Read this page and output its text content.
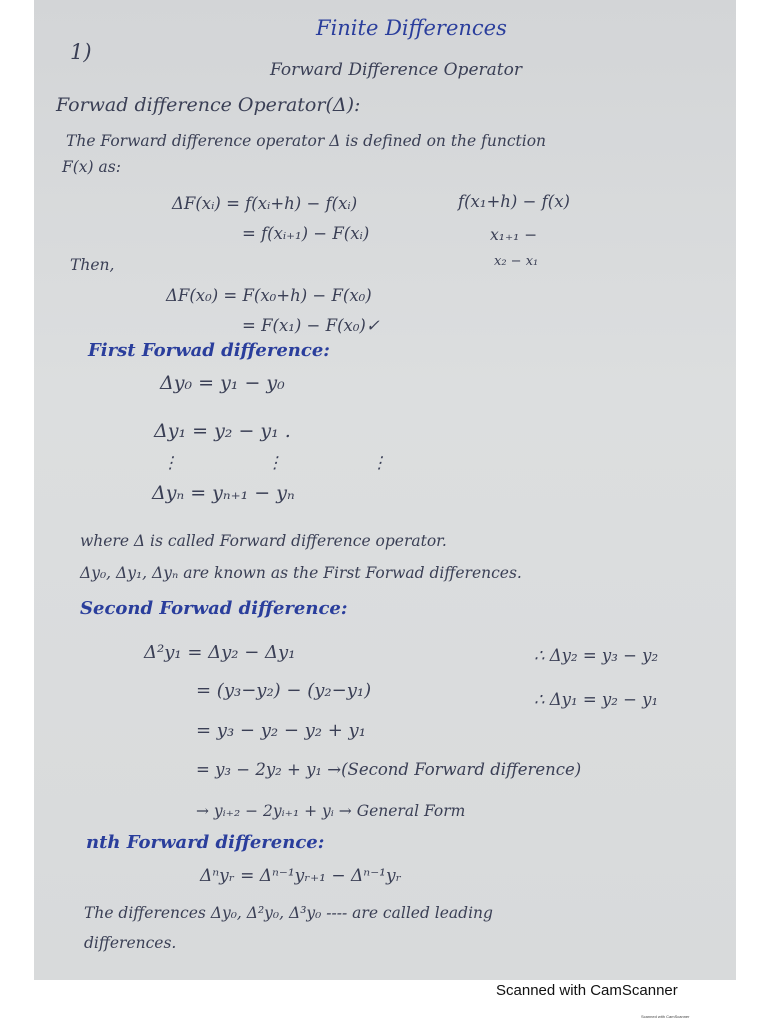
1)
Finite Differences
Forward Difference Operator
Forwad difference Operator(Δ):
The Forward difference operator Δ is defined on the function
F(x) as:
ΔF(xᵢ) = f(xᵢ+h) − f(xᵢ)
= f(xᵢ₊₁) − F(xᵢ)
f(x₁+h) − f(x)
x₁₊₁ −
x₂ − x₁
Then,
ΔF(x₀) = F(x₀+h) − F(x₀)
= F(x₁) − F(x₀)✓
First Forwad difference:
Δy₀ = y₁ − y₀
Δy₁ = y₂ − y₁ .
⋮⋮⋮
Δyₙ = yₙ₊₁ − yₙ
where Δ is called Forward difference operator.
Δy₀, Δy₁, Δyₙ are known as the First Forwad differences.
Second Forwad difference:
Δ²y₁ = Δy₂ − Δy₁
= (y₃−y₂) − (y₂−y₁)
= y₃ − y₂ − y₂ + y₁
= y₃ − 2y₂ + y₁ →(Second Forward difference)
→ yᵢ₊₂ − 2yᵢ₊₁ + yᵢ → General Form
∴ Δy₂ = y₃ − y₂
∴ Δy₁ = y₂ − y₁
nth Forward difference:
Δⁿyᵣ = Δⁿ⁻¹yᵣ₊₁ − Δⁿ⁻¹yᵣ
The differences Δy₀, Δ²y₀, Δ³y₀ ---- are called leading
differences.
Scanned with CamScanner
Scanned with CamScanner
